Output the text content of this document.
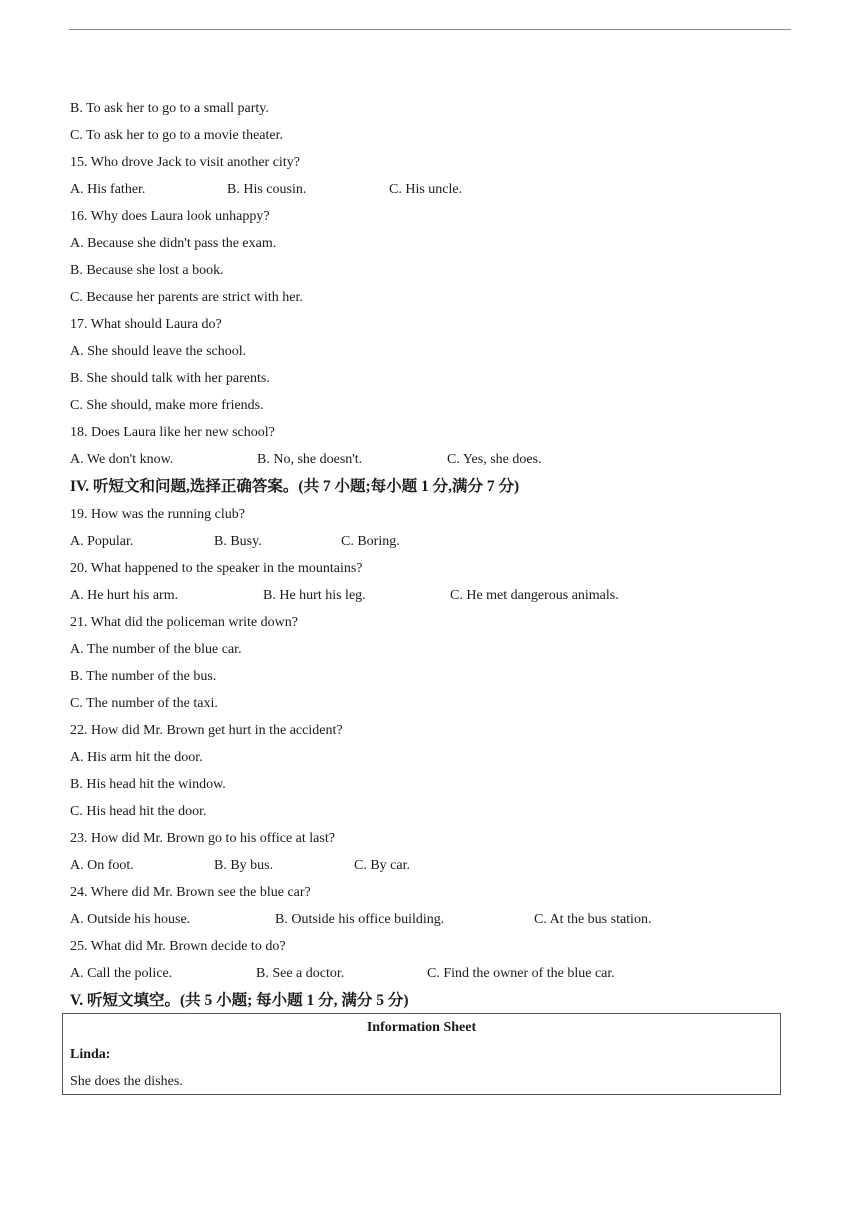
B. To ask her to go to a small party.
C. To ask her to go to a movie theater.
15. Who drove Jack to visit another city?
A. His father.	B. His cousin.	C. His uncle.
16. Why does Laura look unhappy?
A. Because she didn't pass the exam.
B. Because she lost a book.
C. Because her parents are strict with her.
17. What should Laura do?
A. She should leave the school.
B. She should talk with her parents.
C. She should, make more friends.
18. Does Laura like her new school?
A. We don't know.	B. No, she doesn't.	C. Yes, she does.
IV. 听短文和问题,选择正确答案。(共 7 小题;每小题 1 分,满分 7 分)
19. How was the running club?
A. Popular.	B. Busy.	C. Boring.
20. What happened to the speaker in the mountains?
A. He hurt his arm.	B. He hurt his leg.	C. He met dangerous animals.
21. What did the policeman write down?
A. The number of the blue car.
B. The number of the bus.
C. The number of the taxi.
22. How did Mr. Brown get hurt in the accident?
A. His arm hit the door.
B. His head hit the window.
C. His head hit the door.
23. How did Mr. Brown go to his office at last?
A. On foot.	B. By bus.	C. By car.
24. Where did Mr. Brown see the blue car?
A. Outside his house.	B. Outside his office building.	C. At the bus station.
25. What did Mr. Brown decide to do?
A. Call the police.	B. See a doctor.	C. Find the owner of the blue car.
V. 听短文填空。(共 5 小题; 每小题 1 分, 满分 5 分)
Information Sheet
Linda:
She does the dishes.
